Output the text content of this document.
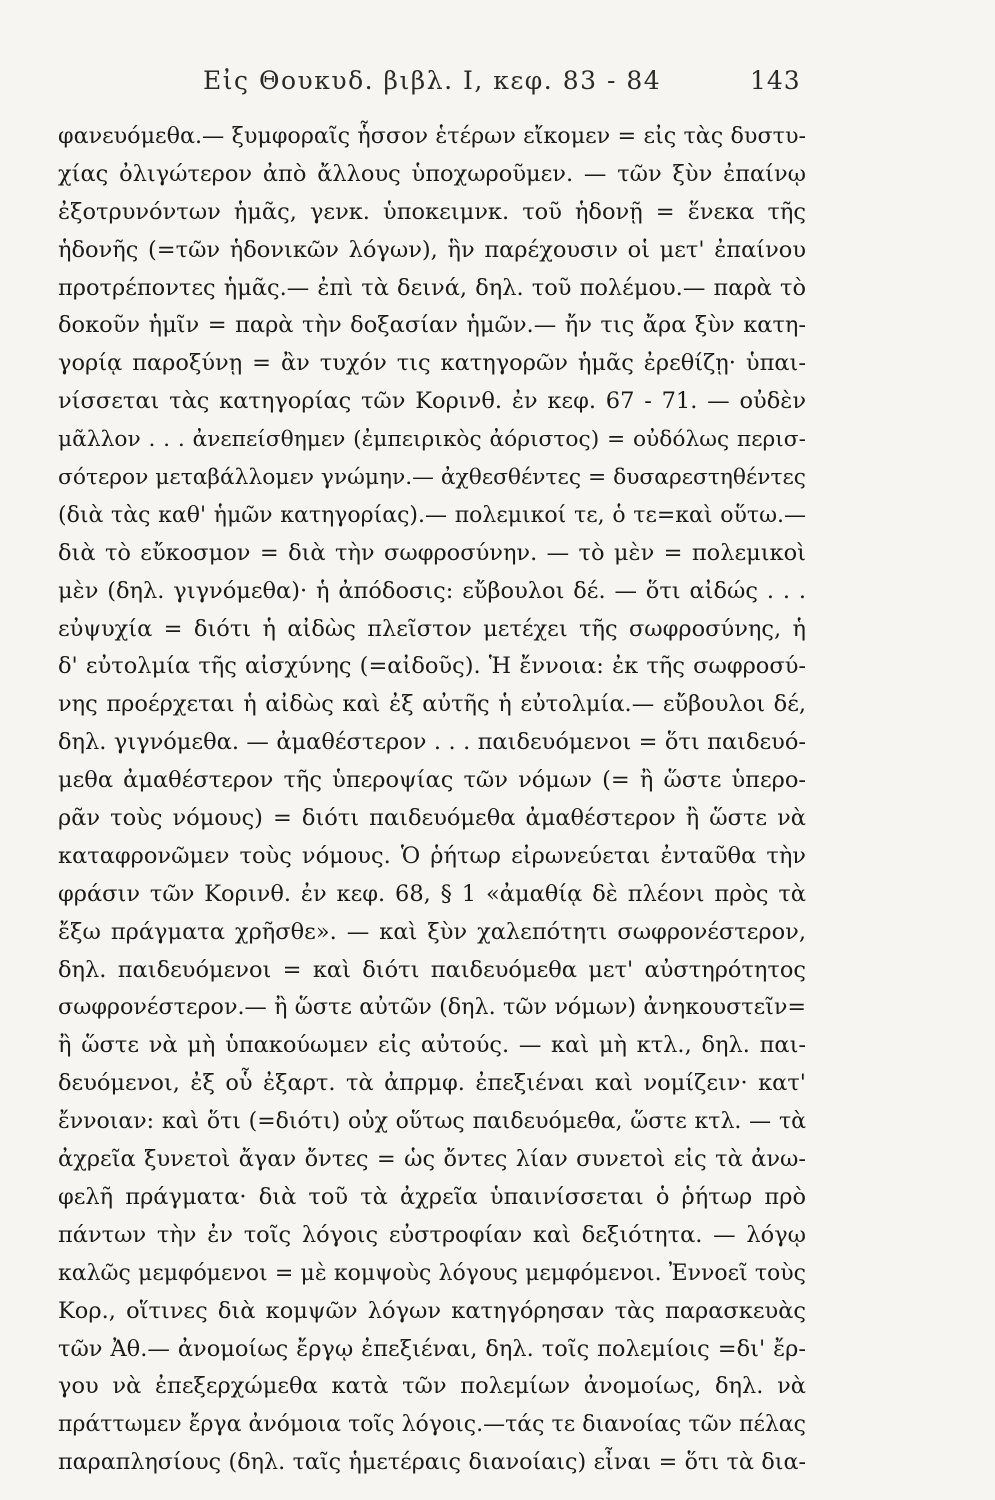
Εἰς Θουκυδ. βιβλ. Ι, κεφ. 83 - 84	143
φανευόμεθα.— ξυμφοραῖς ἧσσον ἑτέρων εἴκομεν = εἰς τὰς δυστυ-
χίας ὀλιγώτερον ἀπὸ ἄλλους ὑποχωροῦμεν. — τῶν ξὺν ἐπαίνῳ
ἐξοτρυνόντων ἡμᾶς, γενκ. ὑποκειμνκ. τοῦ ἡδονῇ = ἕνεκα τῆς
ἡδονῆς (=τῶν ἡδονικῶν λόγων), ἣν παρέχουσιν οἱ μετ' ἐπαίνου
προτρέποντες ἡμᾶς.— ἐπὶ τὰ δεινά, δηλ. τοῦ πολέμου.— παρὰ τὸ
δοκοῦν ἡμῖν = παρὰ τὴν δοξασίαν ἡμῶν.— ἤν τις ἄρα ξὺν κατη-
γορίᾳ παροξύνῃ = ἂν τυχόν τις κατηγορῶν ἡμᾶς ἐρεθίζῃ· ὑπαι-
νίσσεται τὰς κατηγορίας τῶν Κορινθ. ἐν κεφ. 67 - 71. — οὐδὲν
μᾶλλον . . . ἀνεπείσθημεν (ἐμπειρικὸς ἀόριστος) = οὐδόλως περισ-
σότερον μεταβάλλομεν γνώμην.— ἀχθεσθέντες = δυσαρεστηθέντες
(διὰ τὰς καθ' ἡμῶν κατηγορίας).— πολεμικοί τε, ὁ τε=καὶ οὕτω.—
διὰ τὸ εὔκοσμον = διὰ τὴν σωφροσύνην. — τὸ μὲν = πολεμικοὶ
μὲν (δηλ. γιγνόμεθα)· ἡ ἀπόδοσις: εὔβουλοι δέ. — ὅτι αἰδώς . . .
εὐψυχία = διότι ἡ αἰδὼς πλεῖστον μετέχει τῆς σωφροσύνης, ἡ
δ' εὐτολμία τῆς αἰσχύνης (=αἰδοῦς). Ἡ ἔννοια: ἐκ τῆς σωφροσύ-
νης προέρχεται ἡ αἰδὼς καὶ ἐξ αὐτῆς ἡ εὐτολμία.— εὔβουλοι δέ,
δηλ. γιγνόμεθα. — ἀμαθέστερον . . . παιδευόμενοι = ὅτι παιδευό-
μεθα ἀμαθέστερον τῆς ὑπεροψίας τῶν νόμων (= ἢ ὥστε ὑπερο-
ρᾶν τοὺς νόμους) = διότι παιδευόμεθα ἀμαθέστερον ἢ ὥστε νὰ
καταφρονῶμεν τοὺς νόμους. Ὁ ῥήτωρ εἰρωνεύεται ἐνταῦθα τὴν
φράσιν τῶν Κορινθ. ἐν κεφ. 68, § 1 «ἀμαθίᾳ δὲ πλέονι πρὸς τὰ
ἔξω πράγματα χρῆσθε». — καὶ ξὺν χαλεπότητι σωφρονέστερον,
δηλ. παιδευόμενοι = καὶ διότι παιδευόμεθα μετ' αὐστηρότητος
σωφρονέστερον.— ἢ ὥστε αὐτῶν (δηλ. τῶν νόμων) ἀνηκουστεῖν=
ἢ ὥστε νὰ μὴ ὑπακούωμεν εἰς αὐτούς. — καὶ μὴ κτλ., δηλ. παι-
δευόμενοι, ἐξ οὗ ἐξαρτ. τὰ ἀπρμφ. ἐπεξιέναι καὶ νομίζειν· κατ'
ἔννοιαν: καὶ ὅτι (=διότι) οὐχ οὕτως παιδευόμεθα, ὥστε κτλ. — τὰ
ἀχρεῖα ξυνετοὶ ἄγαν ὄντες = ὡς ὄντες λίαν συνετοὶ εἰς τὰ ἀνω-
φελῆ πράγματα· διὰ τοῦ τὰ ἀχρεῖα ὑπαινίσσεται ὁ ῥήτωρ πρὸ
πάντων τὴν ἐν τοῖς λόγοις εὐστροφίαν καὶ δεξιότητα. — λόγῳ
καλῶς μεμφόμενοι = μὲ κομψοὺς λόγους μεμφόμενοι. Ἐννοεῖ τοὺς
Κορ., οἵτινες διὰ κομψῶν λόγων κατηγόρησαν τὰς παρασκευὰς
τῶν Ἀθ.— ἀνομοίως ἔργῳ ἐπεξιέναι, δηλ. τοῖς πολεμίοις =δι' ἔρ-
γου νὰ ἐπεξερχώμεθα κατὰ τῶν πολεμίων ἀνομοίως, δηλ. νὰ
πράττωμεν ἔργα ἀνόμοια τοῖς λόγοις.—τάς τε διανοίας τῶν πέλας
παραπλησίους (δηλ. ταῖς ἡμετέραις διανοίαις) εἶναι = ὅτι τὰ δια-
